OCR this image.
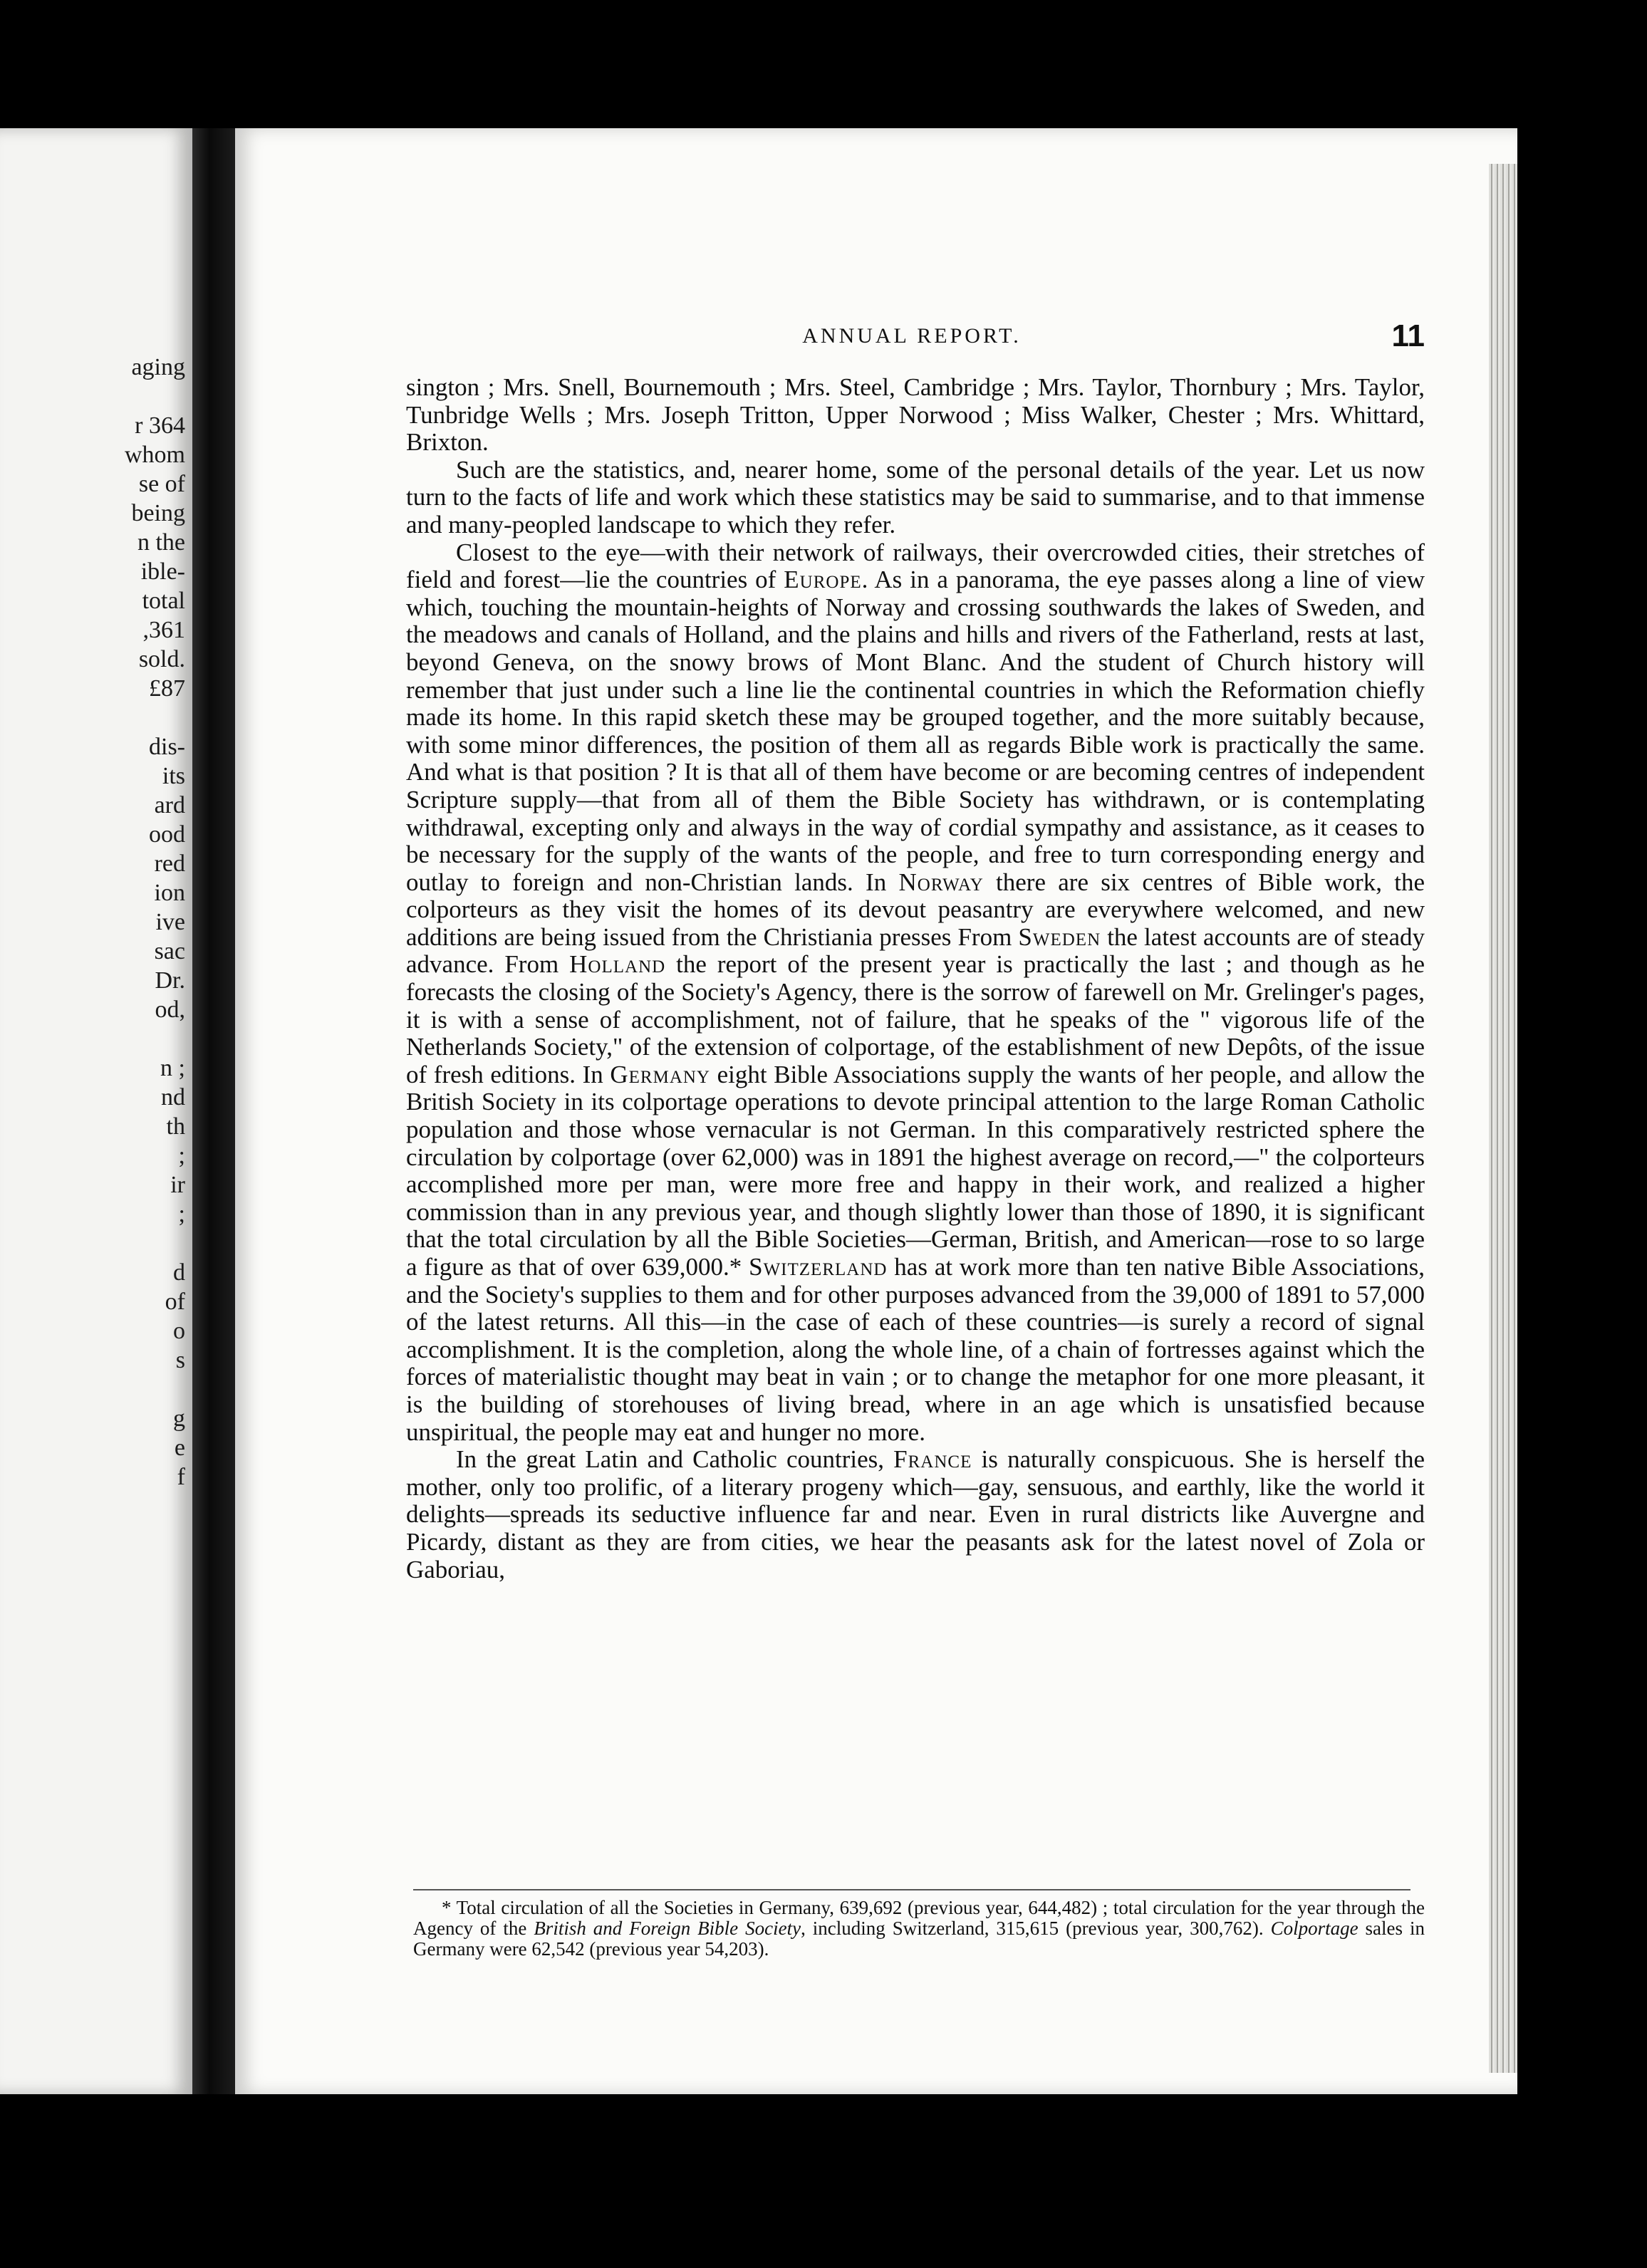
aging

r 364
whom
se of
being
n the
ible-
total
,361
sold.
£87

dis-
its
ard
ood
red
ion
ive
sac
Dr.
od,

n ;
nd
th
;
ir
;

d
of
o
s

g
e
f
ANNUAL REPORT.	11

sington ; Mrs. Snell, Bournemouth ; Mrs. Steel, Cambridge ; Mrs. Taylor, Thornbury ; Mrs. Taylor, Tunbridge Wells ; Mrs. Joseph Tritton, Upper Norwood ; Miss Walker, Chester ; Mrs. Whittard, Brixton.

Such are the statistics, and, nearer home, some of the personal details of the year. Let us now turn to the facts of life and work which these statistics may be said to summarise, and to that immense and many-peopled landscape to which they refer.

Closest to the eye—with their network of railways, their overcrowded cities, their stretches of field and forest—lie the countries of Europe. As in a panorama, the eye passes along a line of view which, touching the mountain-heights of Norway and crossing southwards the lakes of Sweden, and the meadows and canals of Holland, and the plains and hills and rivers of the Fatherland, rests at last, beyond Geneva, on the snowy brows of Mont Blanc. And the student of Church history will remember that just under such a line lie the continental countries in which the Reformation chiefly made its home. In this rapid sketch these may be grouped together, and the more suitably because, with some minor differences, the position of them all as regards Bible work is practically the same. And what is that position ? It is that all of them have become or are becoming centres of independent Scripture supply—that from all of them the Bible Society has withdrawn, or is contemplating withdrawal, excepting only and always in the way of cordial sympathy and assistance, as it ceases to be necessary for the supply of the wants of the people, and free to turn corresponding energy and outlay to foreign and non-Christian lands. In Norway there are six centres of Bible work, the colporteurs as they visit the homes of its devout peasantry are everywhere welcomed, and new additions are being issued from the Christiania presses From Sweden the latest accounts are of steady advance. From Holland the report of the present year is practically the last ; and though as he forecasts the closing of the Society's Agency, there is the sorrow of farewell on Mr. Grelinger's pages, it is with a sense of accomplishment, not of failure, that he speaks of the " vigorous life of the Netherlands Society," of the extension of colportage, of the establishment of new Depôts, of the issue of fresh editions. In Germany eight Bible Associations supply the wants of her people, and allow the British Society in its colportage operations to devote principal attention to the large Roman Catholic population and those whose vernacular is not German. In this comparatively restricted sphere the circulation by colportage (over 62,000) was in 1891 the highest average on record,—" the colporteurs accomplished more per man, were more free and happy in their work, and realized a higher commission than in any previous year, and though slightly lower than those of 1890, it is significant that the total circulation by all the Bible Societies—German, British, and American—rose to so large a figure as that of over 639,000.* Switzerland has at work more than ten native Bible Associations, and the Society's supplies to them and for other purposes advanced from the 39,000 of 1891 to 57,000 of the latest returns. All this—in the case of each of these countries—is surely a record of signal accomplishment. It is the completion, along the whole line, of a chain of fortresses against which the forces of materialistic thought may beat in vain ; or to change the metaphor for one more pleasant, it is the building of storehouses of living bread, where in an age which is unsatisfied because unspiritual, the people may eat and hunger no more.

In the great Latin and Catholic countries, France is naturally conspicuous. She is herself the mother, only too prolific, of a literary progeny which—gay, sensuous, and earthly, like the world it delights—spreads its seductive influence far and near. Even in rural districts like Auvergne and Picardy, distant as they are from cities, we hear the peasants ask for the latest novel of Zola or Gaboriau,

* Total circulation of all the Societies in Germany, 639,692 (previous year, 644,482) ; total circulation for the year through the Agency of the British and Foreign Bible Society, including Switzerland, 315,615 (previous year, 300,762). Colportage sales in Germany were 62,542 (previous year 54,203).
